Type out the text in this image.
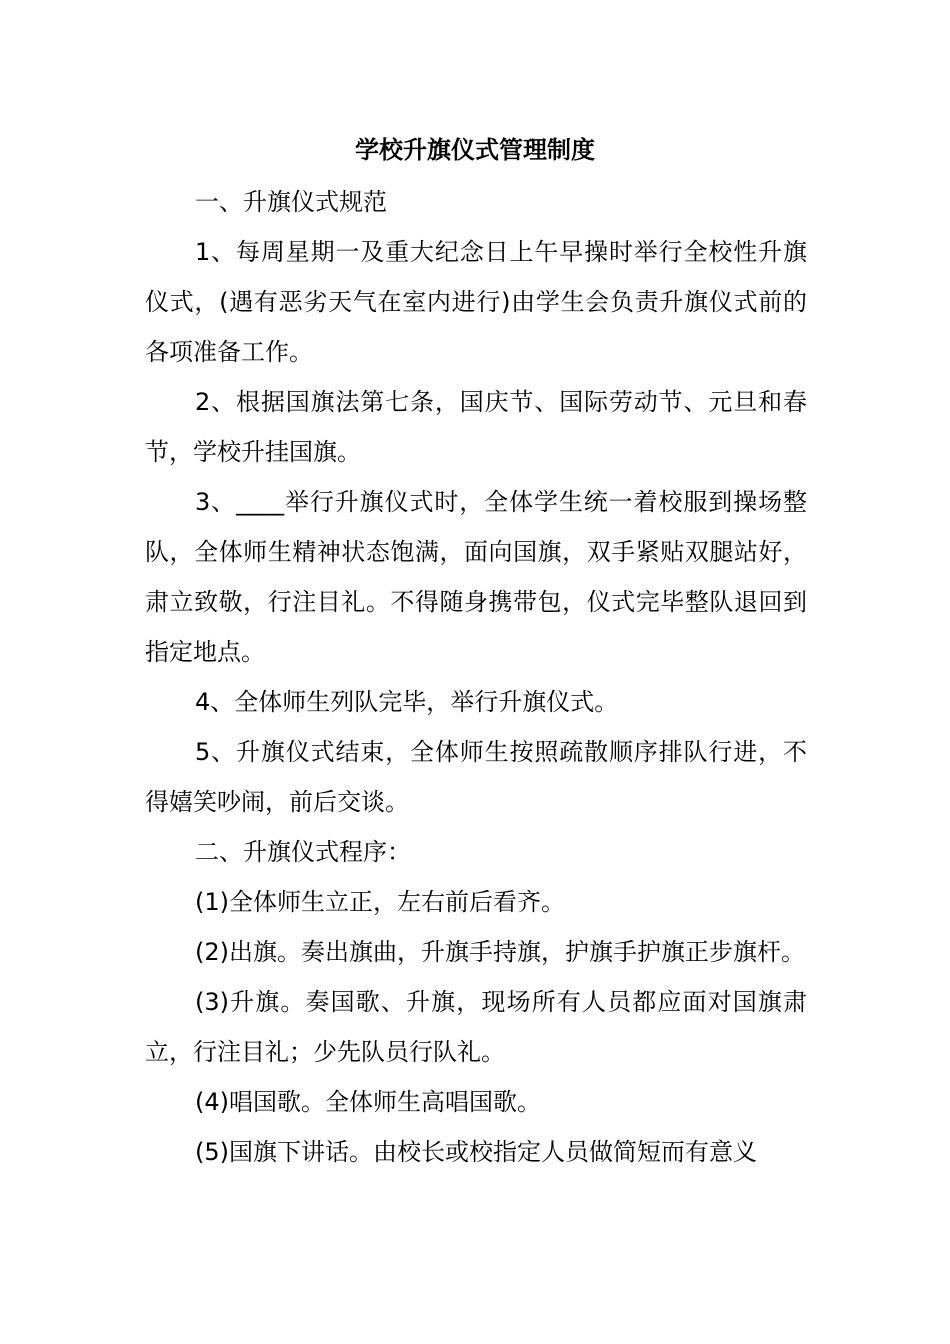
学校升旗仪式管理制度

一、升旗仪式规范

1、每周星期一及重大纪念日上午早操时举行全校性升旗仪式，(遇有恶劣天气在室内进行)由学生会负责升旗仪式前的各项准备工作。

2、根据国旗法第七条，国庆节、国际劳动节、元旦和春节，学校升挂国旗。

3、____举行升旗仪式时，全体学生统一着校服到操场整队，全体师生精神状态饱满，面向国旗，双手紧贴双腿站好，肃立致敬，行注目礼。不得随身携带包，仪式完毕整队退回到指定地点。

4、全体师生列队完毕，举行升旗仪式。

5、升旗仪式结束，全体师生按照疏散顺序排队行进，不得嬉笑吵闹，前后交谈。

二、升旗仪式程序：

(1)全体师生立正，左右前后看齐。

(2)出旗。奏出旗曲，升旗手持旗，护旗手护旗正步旗杆。

(3)升旗。奏国歌、升旗，现场所有人员都应面对国旗肃立，行注目礼；少先队员行队礼。

(4)唱国歌。全体师生高唱国歌。

(5)国旗下讲话。由校长或校指定人员做简短而有意义
